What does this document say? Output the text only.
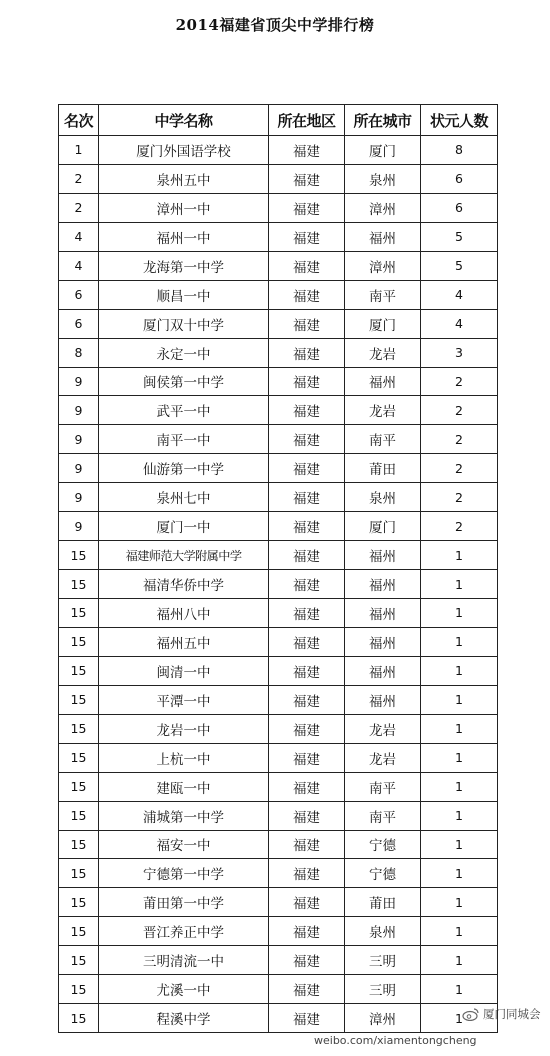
2014福建省顶尖中学排行榜
名次	中学名称	所在地区	所在城市	状元人数
1	厦门外国语学校	福建	厦门	8
2	泉州五中	福建	泉州	6
2	漳州一中	福建	漳州	6
4	福州一中	福建	福州	5
4	龙海第一中学	福建	漳州	5
6	顺昌一中	福建	南平	4
6	厦门双十中学	福建	厦门	4
8	永定一中	福建	龙岩	3
9	闽侯第一中学	福建	福州	2
9	武平一中	福建	龙岩	2
9	南平一中	福建	南平	2
9	仙游第一中学	福建	莆田	2
9	泉州七中	福建	泉州	2
9	厦门一中	福建	厦门	2
15	福建师范大学附属中学	福建	福州	1
15	福清华侨中学	福建	福州	1
15	福州八中	福建	福州	1
15	福州五中	福建	福州	1
15	闽清一中	福建	福州	1
15	平潭一中	福建	福州	1
15	龙岩一中	福建	龙岩	1
15	上杭一中	福建	龙岩	1
15	建瓯一中	福建	南平	1
15	浦城第一中学	福建	南平	1
15	福安一中	福建	宁德	1
15	宁德第一中学	福建	宁德	1
15	莆田第一中学	福建	莆田	1
15	晋江养正中学	福建	泉州	1
15	三明清流一中	福建	三明	1
15	尤溪一中	福建	三明	1
15	程溪中学	福建	漳州	1 厦门同城会
weibo.com/xiamentongcheng
